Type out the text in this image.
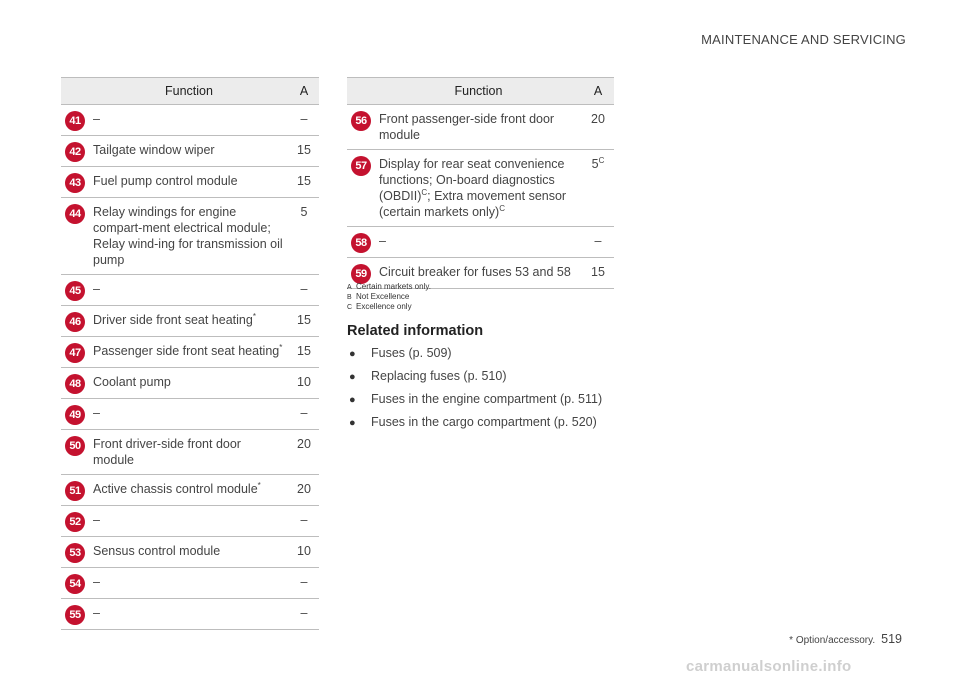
MAINTENANCE AND SERVICING
	Function	A
41	–	–
42	Tailgate window wiper	15
43	Fuel pump control module	15
44	Relay windings for engine compart-ment electrical module; Relay wind-ing for transmission oil pump	5
45	–	–
46	Driver side front seat heating*	15
47	Passenger side front seat heating*	15
48	Coolant pump	10
49	–	–
50	Front driver-side front door module	20
51	Active chassis control module*	20
52	–	–
53	Sensus control module	10
54	–	–
55	–	–
	Function	A
56	Front passenger-side front door module	20
57	Display for rear seat convenience functions; On-board diagnostics (OBDII)$^C$; Extra movement sensor (certain markets only)$^C$	$5^C$
58	–	–
59	Circuit breaker for fuses 53 and 58	15
A Certain markets only.
B Not Excellence
C Excellence only
Related information
● Fuses (p. 509)
● Replacing fuses (p. 510)
● Fuses in the engine compartment (p. 511)
● Fuses in the cargo compartment (p. 520)
* Option/accessory. 519
carmanualsonline.info
